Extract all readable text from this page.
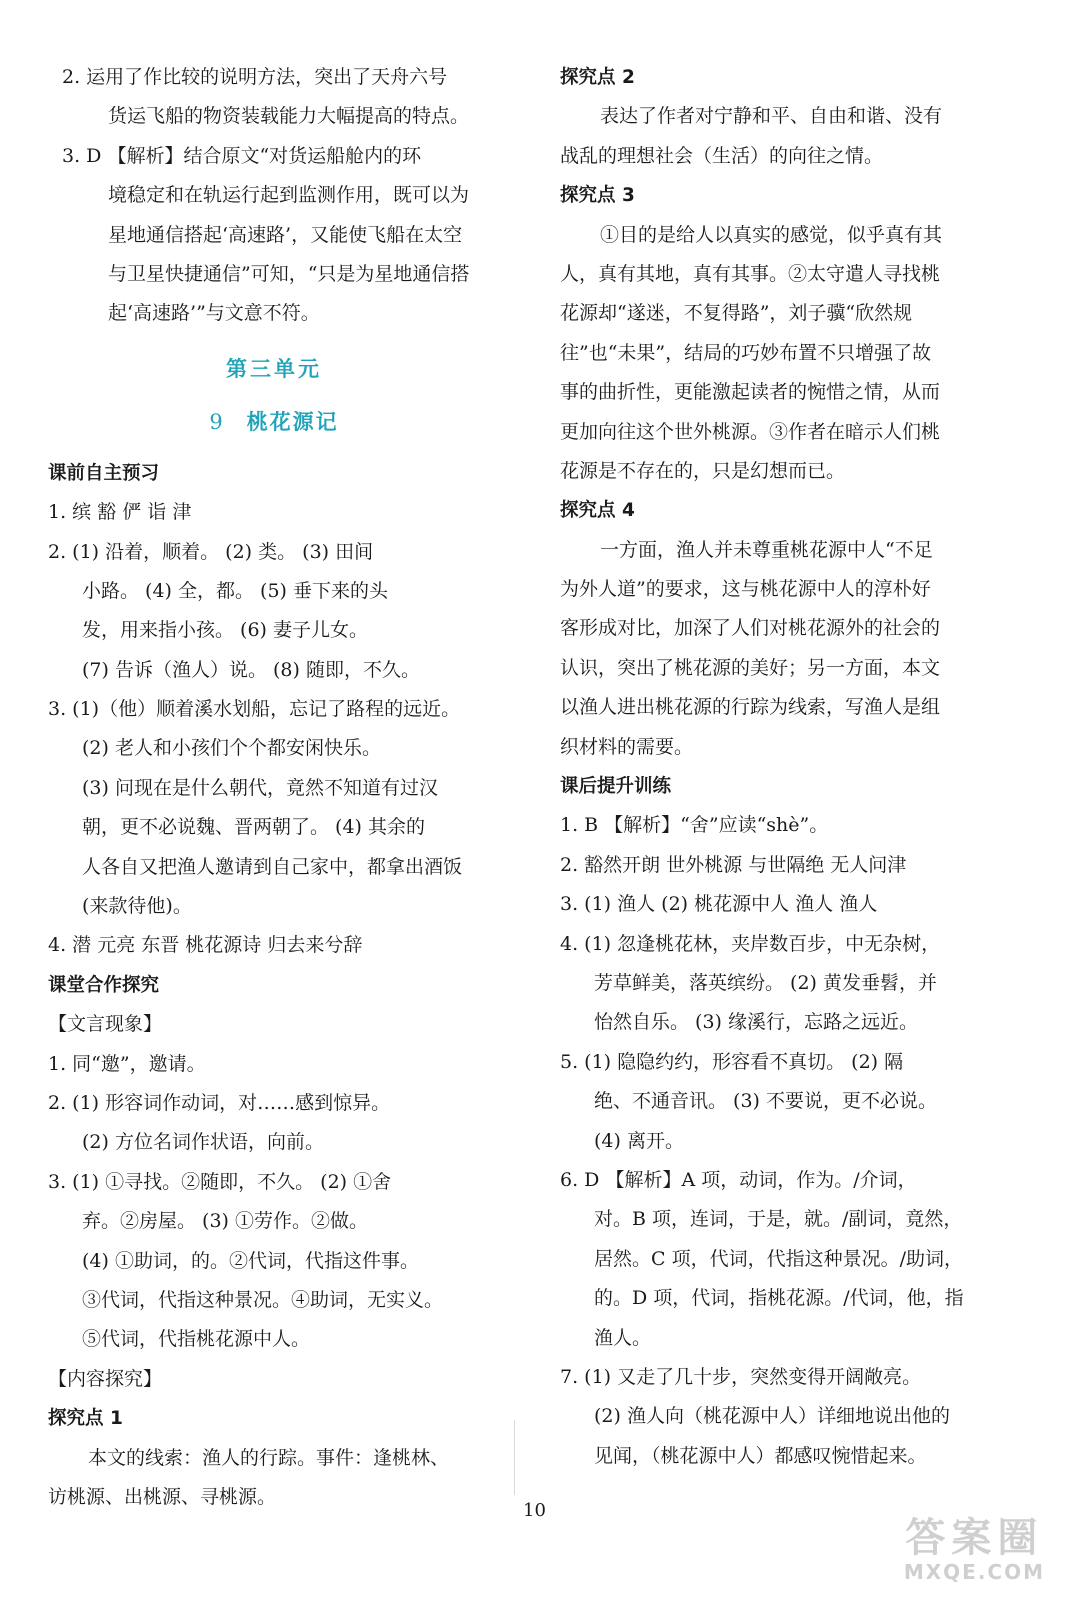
2. 运用了作比较的说明方法，突出了天舟六号
货运飞船的物资装载能力大幅提高的特点。
3. D 【解析】结合原文“对货运船舱内的环
境稳定和在轨运行起到监测作用，既可以为
星地通信搭起‘高速路’，又能使飞船在太空
与卫星快捷通信”可知，“只是为星地通信搭
起‘高速路’”与文意不符。
第三单元
9 桃花源记
课前自主预习
1. 缤 豁 俨 诣 津
2. (1) 沿着，顺着。 (2) 类。 (3) 田间
小路。 (4) 全，都。 (5) 垂下来的头
发，用来指小孩。 (6) 妻子儿女。
(7) 告诉（渔人）说。 (8) 随即，不久。
3. (1)（他）顺着溪水划船，忘记了路程的远近。
(2) 老人和小孩们个个都安闲快乐。
(3) 问现在是什么朝代，竟然不知道有过汉
朝，更不必说魏、晋两朝了。 (4) 其余的
人各自又把渔人邀请到自己家中，都拿出酒饭
(来款待他)。
4. 潜 元亮 东晋 桃花源诗 归去来兮辞
课堂合作探究
【文言现象】
1. 同“邀”，邀请。
2. (1) 形容词作动词，对……感到惊异。
(2) 方位名词作状语，向前。
3. (1) ①寻找。②随即，不久。 (2) ①舍
弃。②房屋。 (3) ①劳作。②做。
(4) ①助词，的。②代词，代指这件事。
③代词，代指这种景况。④助词，无实义。
⑤代词，代指桃花源中人。
【内容探究】
探究点 1
本文的线索：渔人的行踪。事件：逢桃林、
访桃源、出桃源、寻桃源。
探究点 2
表达了作者对宁静和平、自由和谐、没有
战乱的理想社会（生活）的向往之情。
探究点 3
①目的是给人以真实的感觉，似乎真有其
人，真有其地，真有其事。②太守遣人寻找桃
花源却“遂迷，不复得路”，刘子骥“欣然规
往”也“未果”，结局的巧妙布置不只增强了故
事的曲折性，更能激起读者的惋惜之情，从而
更加向往这个世外桃源。③作者在暗示人们桃
花源是不存在的，只是幻想而已。
探究点 4
一方面，渔人并未尊重桃花源中人“不足
为外人道”的要求，这与桃花源中人的淳朴好
客形成对比，加深了人们对桃花源外的社会的
认识，突出了桃花源的美好；另一方面，本文
以渔人进出桃花源的行踪为线索，写渔人是组
织材料的需要。
课后提升训练
1. B 【解析】“舍”应读“shè”。
2. 豁然开朗 世外桃源 与世隔绝 无人问津
3. (1) 渔人 (2) 桃花源中人 渔人 渔人
4. (1) 忽逢桃花林，夹岸数百步，中无杂树，
芳草鲜美，落英缤纷。 (2) 黄发垂髫，并
怡然自乐。 (3) 缘溪行，忘路之远近。
5. (1) 隐隐约约，形容看不真切。 (2) 隔
绝、不通音讯。 (3) 不要说，更不必说。
(4) 离开。
6. D 【解析】A 项，动词，作为。/介词，
对。B 项，连词，于是，就。/副词，竟然，
居然。C 项，代词，代指这种景况。/助词，
的。D 项，代词，指桃花源。/代词，他，指
渔人。
7. (1) 又走了几十步，突然变得开阔敞亮。
(2) 渔人向（桃花源中人）详细地说出他的
见闻，（桃花源中人）都感叹惋惜起来。
10
答案圈
MXQE.COM
